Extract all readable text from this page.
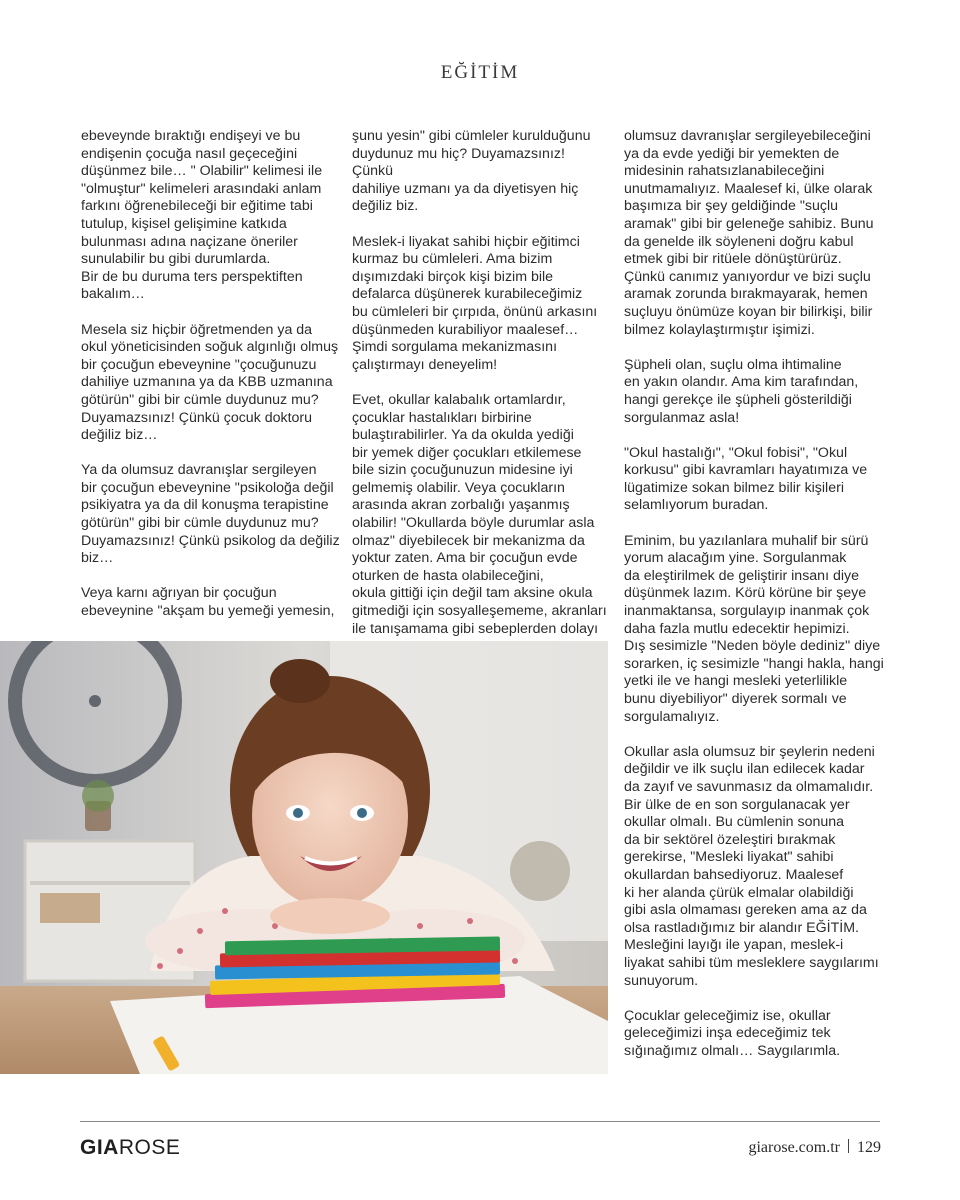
EĞİTİM

ebeveynde bıraktığı endişeyi ve bu
endişenin çocuğa nasıl geçeceğini
düşünmez bile… " Olabilir" kelimesi ile
"olmuştur" kelimeleri arasındaki anlam
farkını öğrenebileceği bir eğitime tabi
tutulup, kişisel gelişimine katkıda
bulunması adına naçizane öneriler
sunulabilir bu gibi durumlarda.
Bir de bu duruma ters perspektiften
bakalım…

Mesela siz hiçbir öğretmenden ya da
okul yöneticisinden soğuk algınlığı olmuş
bir çocuğun ebeveynine "çocuğunuzu
dahiliye uzmanına ya da KBB uzmanına
götürün" gibi bir cümle duydunuz mu?
Duyamazsınız! Çünkü çocuk doktoru
değiliz biz…

Ya da olumsuz davranışlar sergileyen
bir çocuğun ebeveynine "psikoloğa değil
psikiyatra ya da dil konuşma terapistine
götürün" gibi bir cümle duydunuz mu?
Duyamazsınız! Çünkü psikolog da değiliz
biz…

Veya karnı ağrıyan bir çocuğun
ebeveynine "akşam bu yemeği yemesin,

şunu yesin" gibi cümleler kurulduğunu
duydunuz mu hiç? Duyamazsınız! Çünkü
dahiliye uzmanı ya da diyetisyen hiç
değiliz biz.

Meslek-i liyakat sahibi hiçbir eğitimci
kurmaz bu cümleleri. Ama bizim
dışımızdaki birçok kişi bizim bile
defalarca düşünerek kurabileceğimiz
bu cümleleri bir çırpıda, önünü arkasını
düşünmeden kurabiliyor maalesef…
Şimdi sorgulama mekanizmasını
çalıştırmayı deneyelim!

Evet, okullar kalabalık ortamlardır,
çocuklar hastalıkları birbirine
bulaştırabilirler. Ya da okulda yediği
bir yemek diğer çocukları etkilemese
bile sizin çocuğunuzun midesine iyi
gelmemiş olabilir. Veya çocukların
arasında akran zorbalığı yaşanmış
olabilir! "Okullarda böyle durumlar asla
olmaz" diyebilecek bir mekanizma da
yoktur zaten. Ama bir çocuğun evde
oturken de hasta olabileceğini,
okula gittiği için değil tam aksine okula
gitmediği için sosyalleşememe, akranları
ile tanışamama gibi sebeplerden dolayı

olumsuz davranışlar sergileyebileceğini
ya da evde yediği bir yemekten de
midesinin rahatsızlanabileceğini
unutmamalıyız. Maalesef ki, ülke olarak
başımıza bir şey geldiğinde "suçlu
aramak" gibi bir geleneğe sahibiz. Bunu
da genelde ilk söyleneni doğru kabul
etmek gibi bir ritüele dönüştürürüz.
Çünkü canımız yanıyordur ve bizi suçlu
aramak zorunda bırakmayarak, hemen
suçluyu önümüze koyan bir bilirkişi, bilir
bilmez kolaylaştırmıştır işimizi.

Şüpheli olan, suçlu olma ihtimaline
en yakın olandır. Ama kim tarafından,
hangi gerekçe ile şüpheli gösterildiği
sorgulanmaz asla!

"Okul hastalığı", "Okul fobisi", "Okul
korkusu" gibi kavramları hayatımıza ve
lügatimize sokan bilmez bilir kişileri
selamlıyorum buradan.

Eminim, bu yazılanlara muhalif bir sürü
yorum alacağım yine. Sorgulanmak
da eleştirilmek de geliştirir insanı diye
düşünmek lazım. Körü körüne bir şeye
inanmaktansa, sorgulayıp inanmak çok
daha fazla mutlu edecektir hepimizi.
Dış sesimizle "Neden böyle dediniz" diye
sorarken, iç sesimizle "hangi hakla, hangi
yetki ile ve hangi mesleki yeterlilikle
bunu diyebiliyor" diyerek sormalı ve
sorgulamalıyız.

Okullar asla olumsuz bir şeylerin nedeni
değildir ve ilk suçlu ilan edilecek kadar
da zayıf ve savunmasız da olmamalıdır.
Bir ülke de en son sorgulanacak yer
okullar olmalı. Bu cümlenin sonuna
da bir sektörel özeleştiri bırakmak
gerekirse, "Mesleki liyakat" sahibi
okullardan bahsediyoruz. Maalesef
ki her alanda çürük elmalar olabildiği
gibi asla olmaması gereken ama az da
olsa rastladığımız bir alandır EĞİTİM.
Mesleğini layığı ile yapan, meslek-i
liyakat sahibi tüm mesleklere saygılarımı
sunuyorum.

Çocuklar geleceğimiz ise, okullar
geleceğimizi inşa edeceğimiz tek
sığınağımız olmalı… Saygılarımla.

GIAROSE	giarose.com.tr 129
